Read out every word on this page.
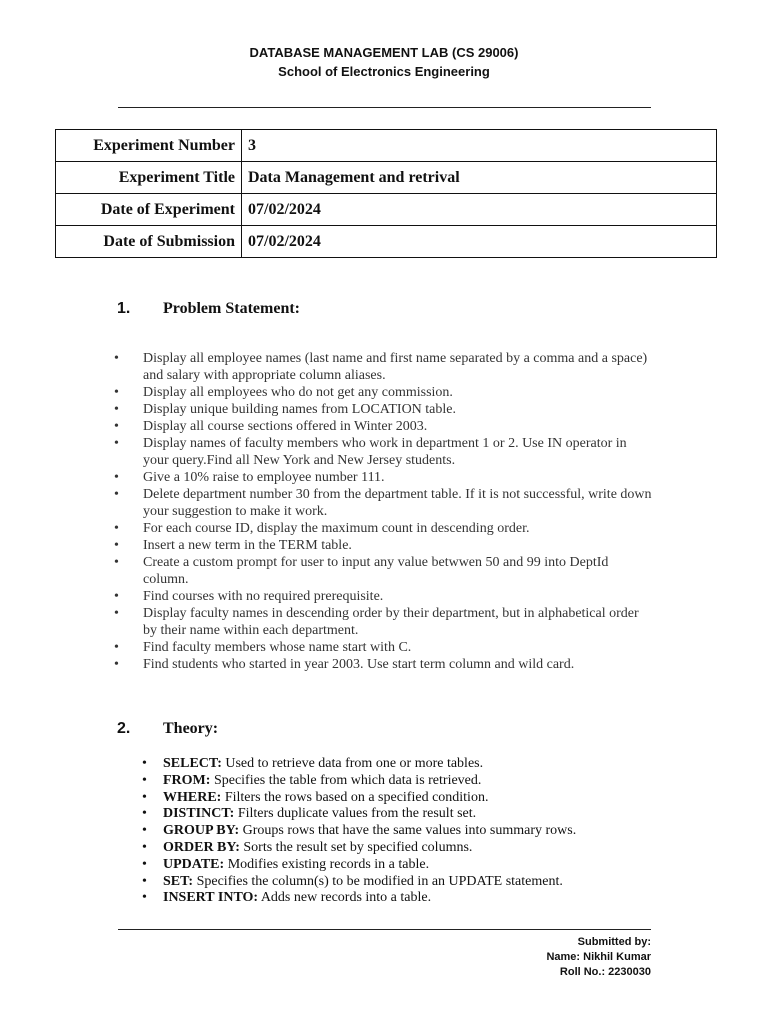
DATABASE MANAGEMENT LAB (CS 29006)
School of Electronics Engineering
Experiment Number	3
Experiment Title	Data Management and retrival
Date of Experiment	07/02/2024
Date of Submission	07/02/2024
1. Problem Statement:
• Display all employee names (last name and first name separated by a comma and a space) and salary with appropriate column aliases.
• Display all employees who do not get any commission.
• Display unique building names from LOCATION table.
• Display all course sections offered in Winter 2003.
• Display names of faculty members who work in department 1 or 2. Use IN operator in your query.Find all New York and New Jersey students.
• Give a 10% raise to employee number 111.
• Delete department number 30 from the department table. If it is not successful, write down your suggestion to make it work.
• For each course ID, display the maximum count in descending order.
• Insert a new term in the TERM table.
• Create a custom prompt for user to input any value betwwen 50 and 99 into DeptId column.
• Find courses with no required prerequisite.
• Display faculty names in descending order by their department, but in alphabetical order by their name within each department.
• Find faculty members whose name start with C.
• Find students who started in year 2003. Use start term column and wild card.
2. Theory:
• SELECT: Used to retrieve data from one or more tables.
• FROM: Specifies the table from which data is retrieved.
• WHERE: Filters the rows based on a specified condition.
• DISTINCT: Filters duplicate values from the result set.
• GROUP BY: Groups rows that have the same values into summary rows.
• ORDER BY: Sorts the result set by specified columns.
• UPDATE: Modifies existing records in a table.
• SET: Specifies the column(s) to be modified in an UPDATE statement.
• INSERT INTO: Adds new records into a table.
Submitted by:
Name: Nikhil Kumar
Roll No.: 2230030
